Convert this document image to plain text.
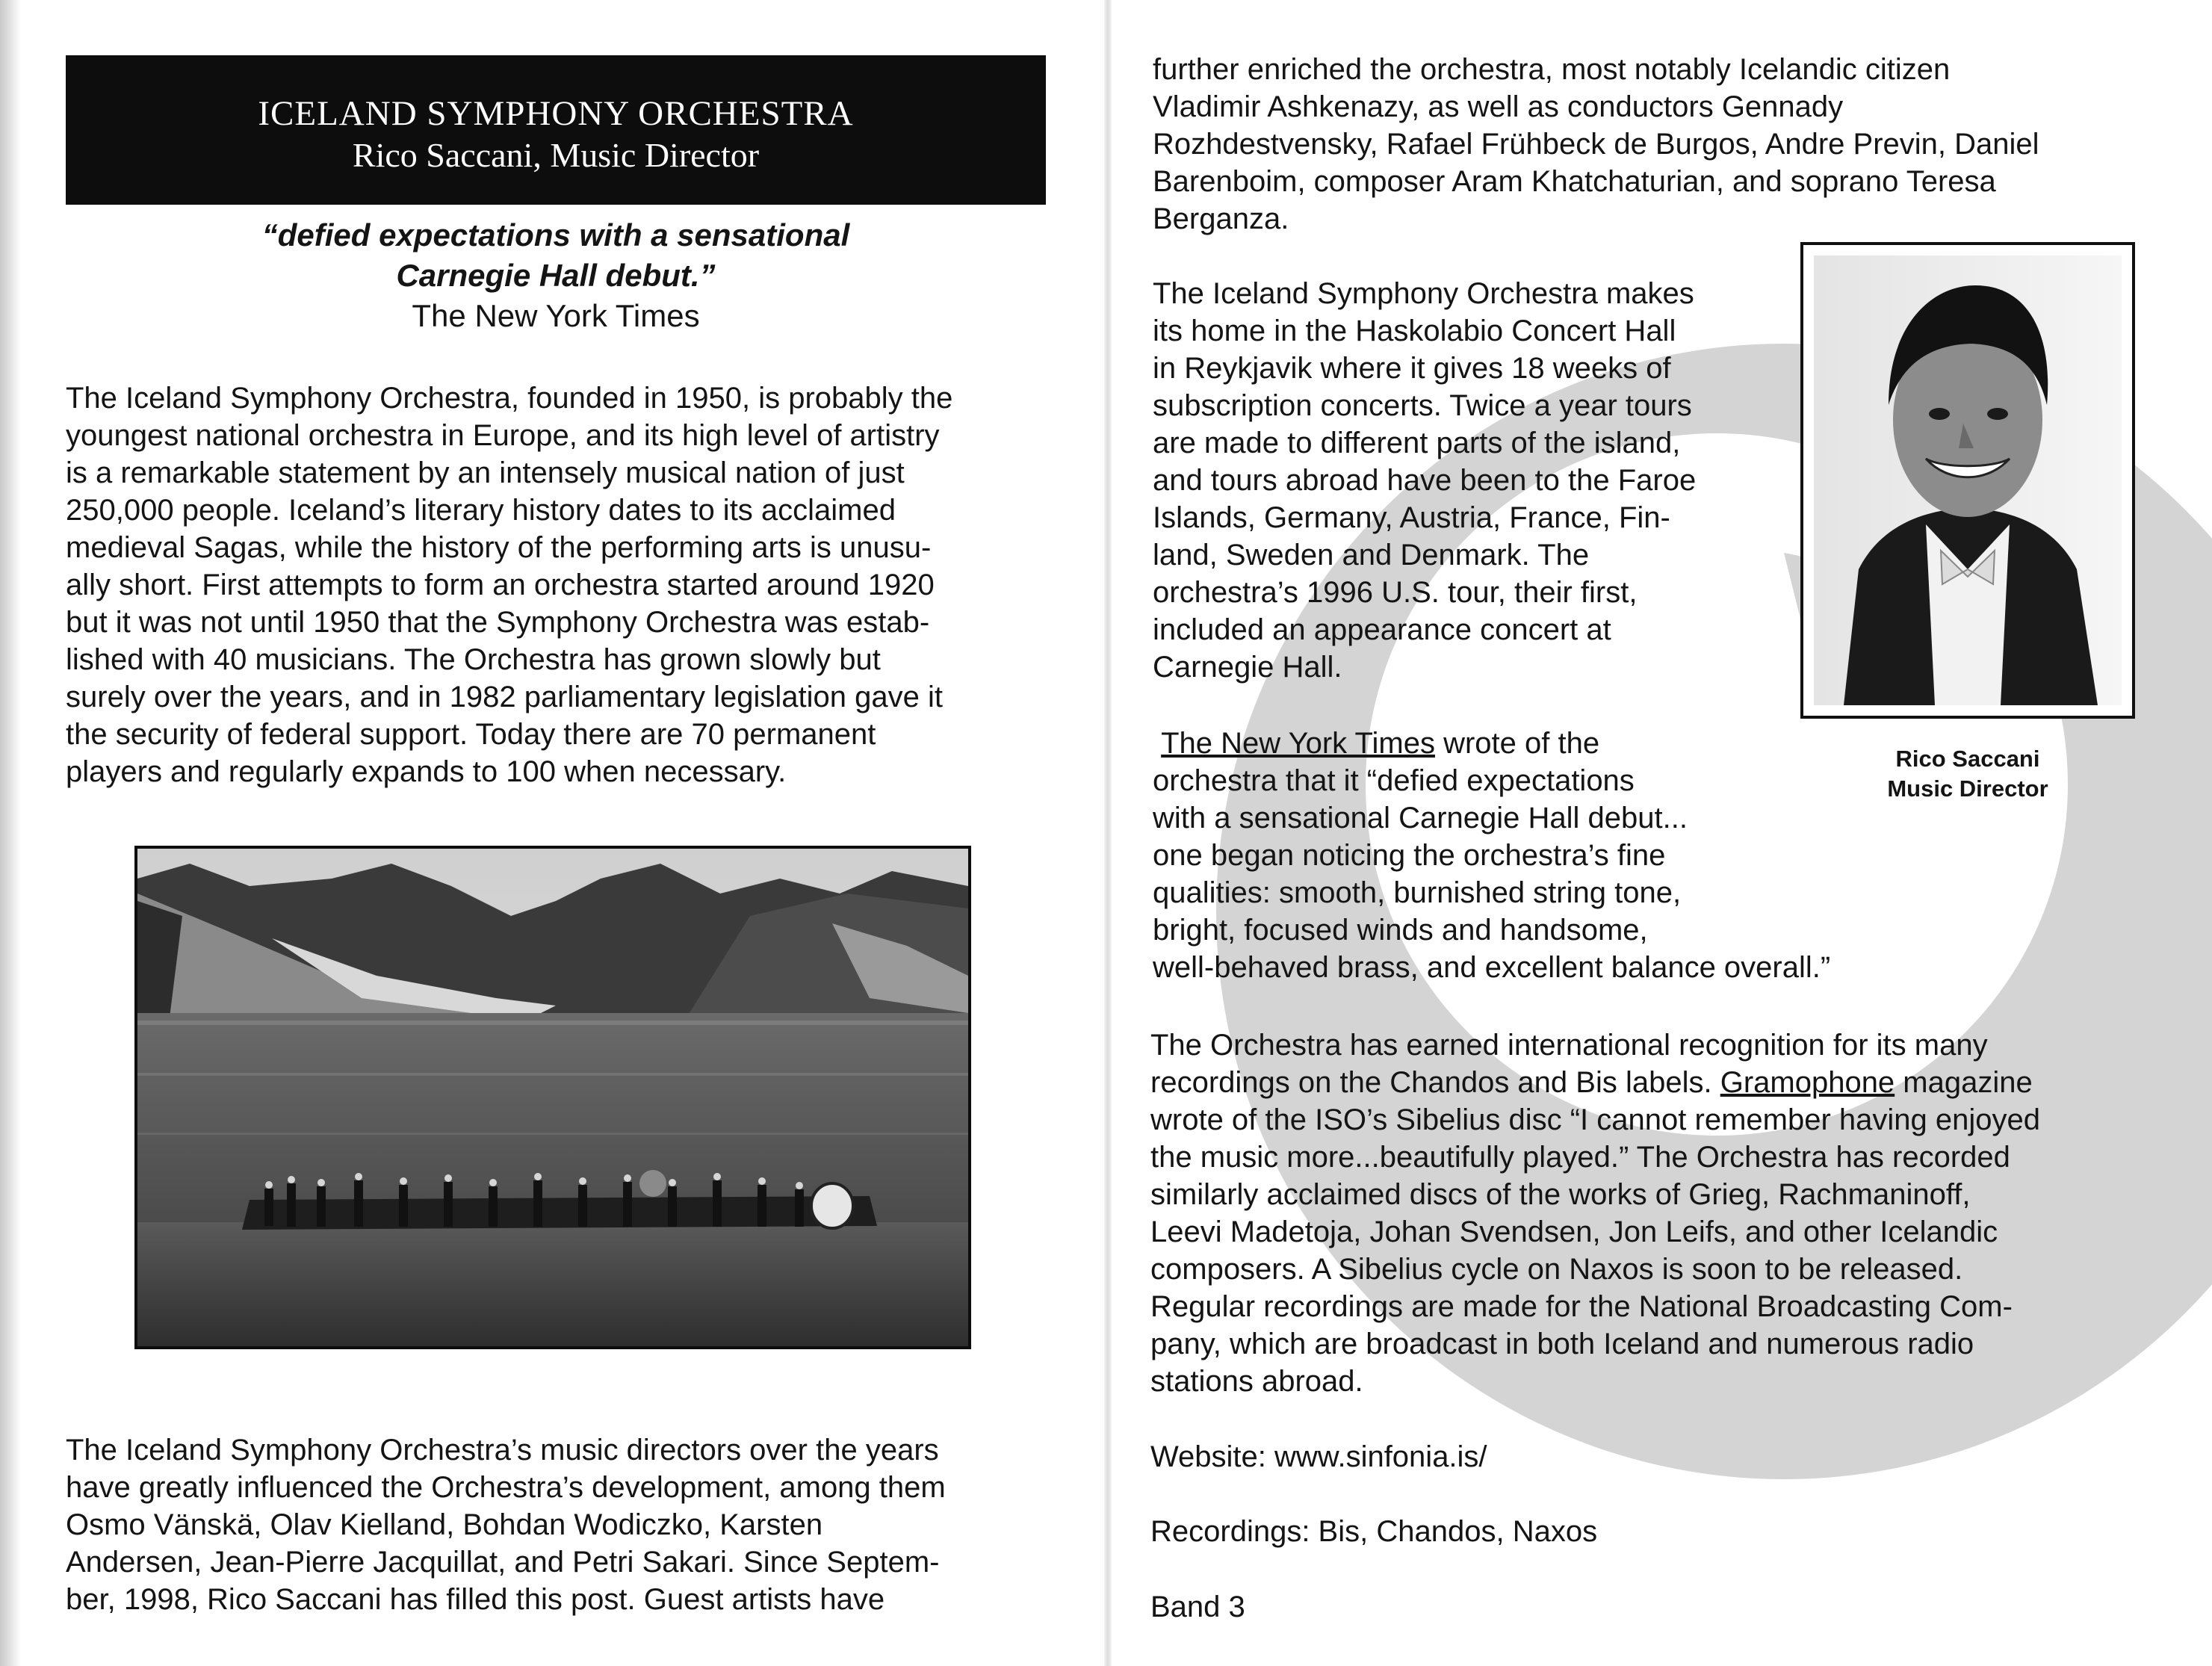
ICELAND SYMPHONY ORCHESTRA
Rico Saccani, Music Director
“defied expectations with a sensational
Carnegie Hall debut.”
The New York Times

The Iceland Symphony Orchestra, founded in 1950, is probably the
youngest national orchestra in Europe, and its high level of artistry
is a remarkable statement by an intensely musical nation of just
250,000 people. Iceland’s literary history dates to its acclaimed
medieval Sagas, while the history of the performing arts is unusu-
ally short. First attempts to form an orchestra started around 1920
but it was not until 1950 that the Symphony Orchestra was estab-
lished with 40 musicians. The Orchestra has grown slowly but
surely over the years, and in 1982 parliamentary legislation gave it
the security of federal support. Today there are 70 permanent
players and regularly expands to 100 when necessary.

The Iceland Symphony Orchestra’s music directors over the years
have greatly influenced the Orchestra’s development, among them
Osmo Vänskä, Olav Kielland, Bohdan Wodiczko, Karsten
Andersen, Jean-Pierre Jacquillat, and Petri Sakari. Since Septem-
ber, 1998, Rico Saccani has filled this post. Guest artists have

further enriched the orchestra, most notably Icelandic citizen
Vladimir Ashkenazy, as well as conductors Gennady
Rozhdestvensky, Rafael Frühbeck de Burgos, Andre Previn, Daniel
Barenboim, composer Aram Khatchaturian, and soprano Teresa
Berganza.

The Iceland Symphony Orchestra makes
its home in the Haskolabio Concert Hall
in Reykjavik where it gives 18 weeks of
subscription concerts. Twice a year tours
are made to different parts of the island,
and tours abroad have been to the Faroe
Islands, Germany, Austria, France, Fin-
land, Sweden and Denmark. The
orchestra’s 1996 U.S. tour, their first,
included an appearance concert at
Carnegie Hall.

Rico Saccani
Music Director

The New York Times wrote of the
orchestra that it “defied expectations
with a sensational Carnegie Hall debut...
one began noticing the orchestra’s fine
qualities: smooth, burnished string tone,
bright, focused winds and handsome,
well-behaved brass, and excellent balance overall.”

The Orchestra has earned international recognition for its many
recordings on the Chandos and Bis labels. Gramophone magazine
wrote of the ISO’s Sibelius disc “I cannot remember having enjoyed
the music more...beautifully played.” The Orchestra has recorded
similarly acclaimed discs of the works of Grieg, Rachmaninoff,
Leevi Madetoja, Johan Svendsen, Jon Leifs, and other Icelandic
composers. A Sibelius cycle on Naxos is soon to be released.
Regular recordings are made for the National Broadcasting Com-
pany, which are broadcast in both Iceland and numerous radio
stations abroad.

Website: www.sinfonia.is/

Recordings: Bis, Chandos, Naxos

Band 3
